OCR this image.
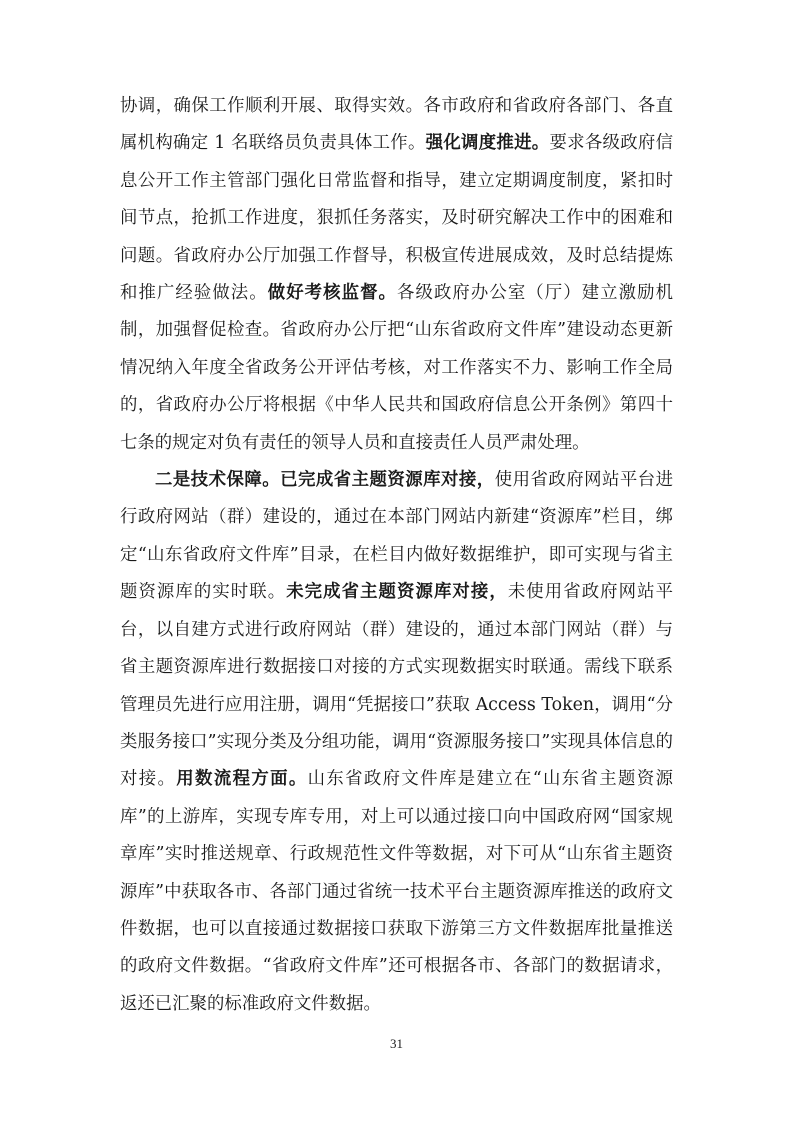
协调，确保工作顺利开展、取得实效。各市政府和省政府各部门、各直属机构确定 1 名联络员负责具体工作。强化调度推进。要求各级政府信息公开工作主管部门强化日常监督和指导，建立定期调度制度，紧扣时间节点，抢抓工作进度，狠抓任务落实，及时研究解决工作中的困难和问题。省政府办公厅加强工作督导，积极宣传进展成效，及时总结提炼和推广经验做法。做好考核监督。各级政府办公室（厅）建立激励机制，加强督促检查。省政府办公厅把“山东省政府文件库”建设动态更新情况纳入年度全省政务公开评估考核，对工作落实不力、影响工作全局的，省政府办公厅将根据《中华人民共和国政府信息公开条例》第四十七条的规定对负有责任的领导人员和直接责任人员严肃处理。

二是技术保障。已完成省主题资源库对接，使用省政府网站平台进行政府网站（群）建设的，通过在本部门网站内新建“资源库”栏目，绑定“山东省政府文件库”目录，在栏目内做好数据维护，即可实现与省主题资源库的实时联。未完成省主题资源库对接，未使用省政府网站平台，以自建方式进行政府网站（群）建设的，通过本部门网站（群）与省主题资源库进行数据接口对接的方式实现数据实时联通。需线下联系管理员先进行应用注册，调用“凭据接口”获取 Access Token，调用“分类服务接口”实现分类及分组功能，调用“资源服务接口”实现具体信息的对接。用数流程方面。山东省政府文件库是建立在“山东省主题资源库”的上游库，实现专库专用，对上可以通过接口向中国政府网“国家规章库”实时推送规章、行政规范性文件等数据，对下可从“山东省主题资源库”中获取各市、各部门通过省统一技术平台主题资源库推送的政府文件数据，也可以直接通过数据接口获取下游第三方文件数据库批量推送的政府文件数据。“省政府文件库”还可根据各市、各部门的数据请求，返还已汇聚的标准政府文件数据。

31
